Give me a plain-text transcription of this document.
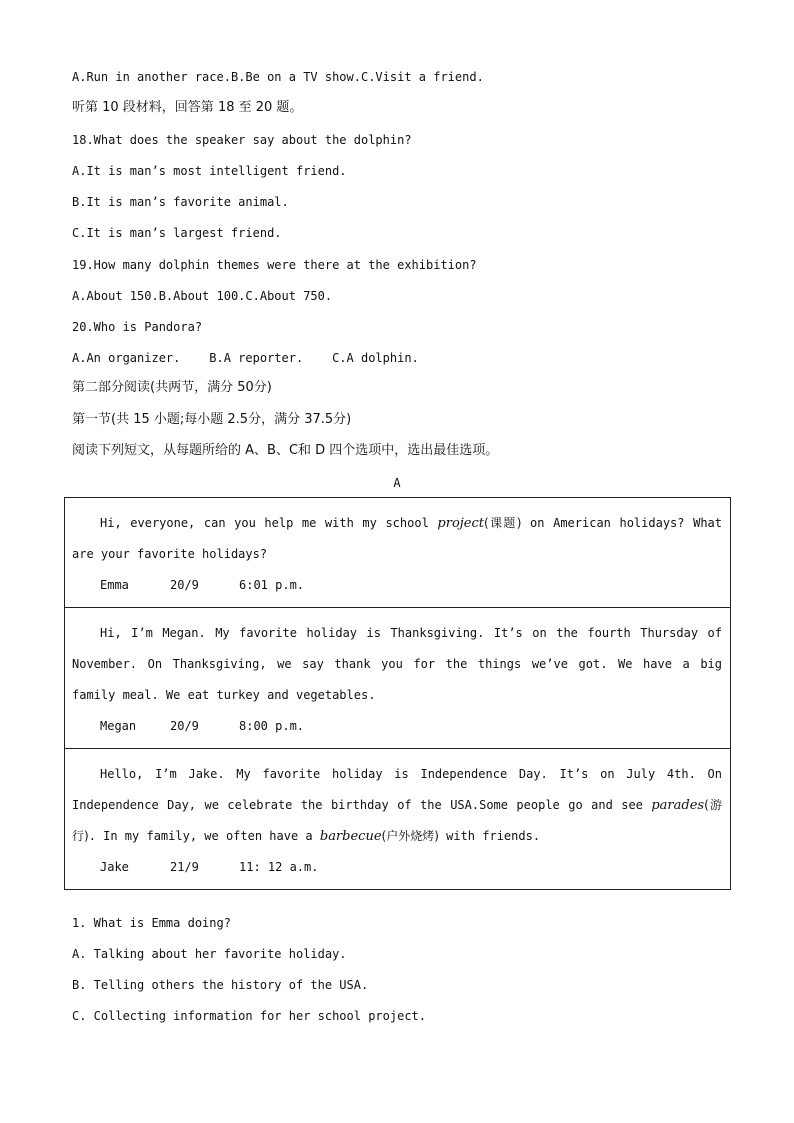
A.Run in another race.B.Be on a TV show.C.Visit a friend.
听第 10 段材料，回答第 18 至 20 题。
18.What does the speaker say about the dolphin?
A.It is man’s most intelligent friend.
B.It is man’s favorite animal.
C.It is man’s largest friend.
19.How many dolphin themes were there at the exhibition?
A.About 150.B.About 100.C.About 750.
20.Who is Pandora?
A.An organizer.    B.A reporter.    C.A dolphin.
第二部分阅读(共两节，满分 50分)
第一节(共 15 小题;每小题 2.5分，满分 37.5分)
阅读下列短文，从每题所给的 A、B、C和 D 四个选项中，选出最佳选项。
A

Hi, everyone, can you help me with my school project(课题) on American holidays? What are your favorite holidays?

Emma	20/9	6:01 p.m.

Hi, I’m Megan. My favorite holiday is Thanksgiving. It’s on the fourth Thursday of November. On Thanksgiving, we say thank you for the things we’ve got. We have a big family meal. We eat turkey and vegetables.

Megan	20/9	8:00 p.m.

Hello, I’m Jake. My favorite holiday is Independence Day. It’s on July 4th. On Independence Day, we celebrate the birthday of the USA.Some people go and see parades(游行). In my family, we often have a barbecue(户外烧烤) with friends.

Jake	21/9	11: 12 a.m.

1. What is Emma doing?
A. Talking about her favorite holiday.
B. Telling others the history of the USA.
C. Collecting information for her school project.
